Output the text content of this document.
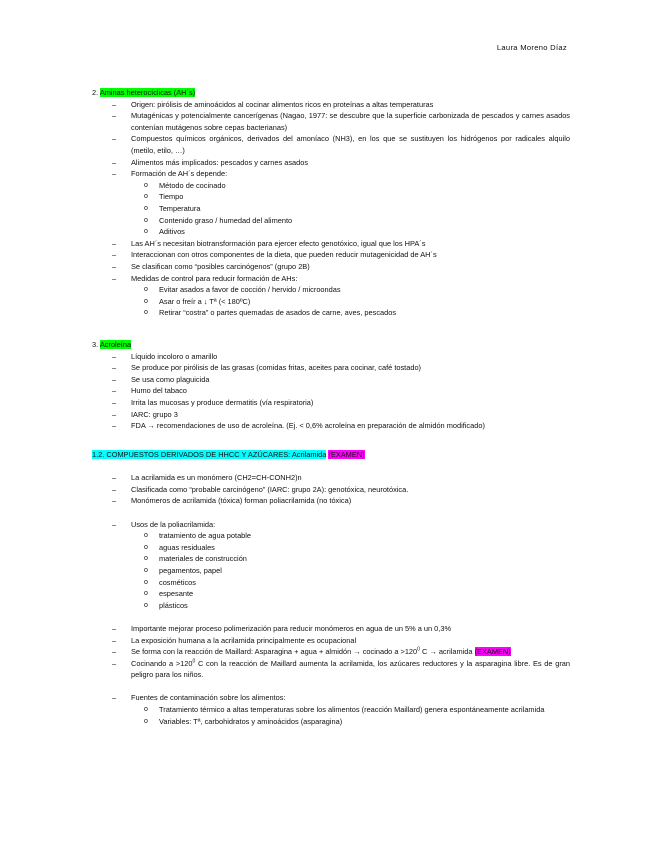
Laura Moreno Díaz
2. Aminas heterocíclicas (AH´s)
– Origen: pirólisis de aminoácidos al cocinar alimentos ricos en proteínas a altas temperaturas
– Mutagénicas y potencialmente cancerígenas (Nagao, 1977: se descubre que la superficie carbonizada de pescados y carnes asados contenían mutágenos sobre cepas bacterianas)
– Compuestos químicos orgánicos, derivados del amoníaco (NH3), en los que se sustituyen los hidrógenos por radicales alquilo (metilo, etilo, …)
– Alimentos más implicados: pescados y carnes asados
– Formación de AH´s depende:
o Método de cocinado
o Tiempo
o Temperatura
o Contenido graso / humedad del alimento
o Aditivos
– Las AH´s necesitan biotransformación para ejercer efecto genotóxico, igual que los HPA´s
– Interaccionan con otros componentes de la dieta, que pueden reducir mutagenicidad de AH´s
– Se clasifican como “posibles carcinógenos” (grupo 2B)
– Medidas de control para reducir formación de AHs:
o Evitar asados a favor de cocción / hervido / microondas
o Asar o freír a ↓ Tª (< 180ºC)
o Retirar “costra” o partes quemadas de asados de carne, aves, pescados
3. Acroleína
– Líquido incoloro o amarillo
– Se produce por pirólisis de las grasas (comidas fritas, aceites para cocinar, café tostado)
– Se usa como plaguicida
– Humo del tabaco
– Irrita las mucosas y produce dermatitis (vía respiratoria)
– IARC: grupo 3
– FDA → recomendaciones de uso de acroleína. (Ej. < 0,6% acroleína en preparación de almidón modificado)
1.2. COMPUESTOS DERIVADOS DE HHCC Y AZÚCARES: Acrilamida (EXAMEN)
– La acrilamida es un monómero (CH2=CH-CONH2)n
– Clasificada como “probable carcinógeno” (IARC: grupo 2A): genotóxica, neurotóxica.
– Monómeros de acrilamida (tóxica) forman poliacrilamida (no tóxica)
– Usos de la poliacrilamida:
o tratamiento de agua potable
o aguas residuales
o materiales de construcción
o pegamentos, papel
o cosméticos
o espesante
o plásticos
– Importante mejorar proceso polimerización para reducir monómeros en agua de un 5% a un 0,3%
– La exposición humana a la acrilamida principalmente es ocupacional
– Se forma con la reacción de Maillard: Asparagina + agua + almidón → cocinado $a >120^0$ C → acrilamida (EXAMEN)
– Cocinando $a >120^0$ C con la reacción de Maillard aumenta la acrilamida, los azúcares reductores y la asparagina libre. Es de gran peligro para los niños.
– Fuentes de contaminación sobre los alimentos:
o Tratamiento térmico a altas temperaturas sobre los alimentos (reacción Maillard) genera espontáneamente acrilamida
o Variables: Tª, carbohidratos y aminoácidos (asparagina)
